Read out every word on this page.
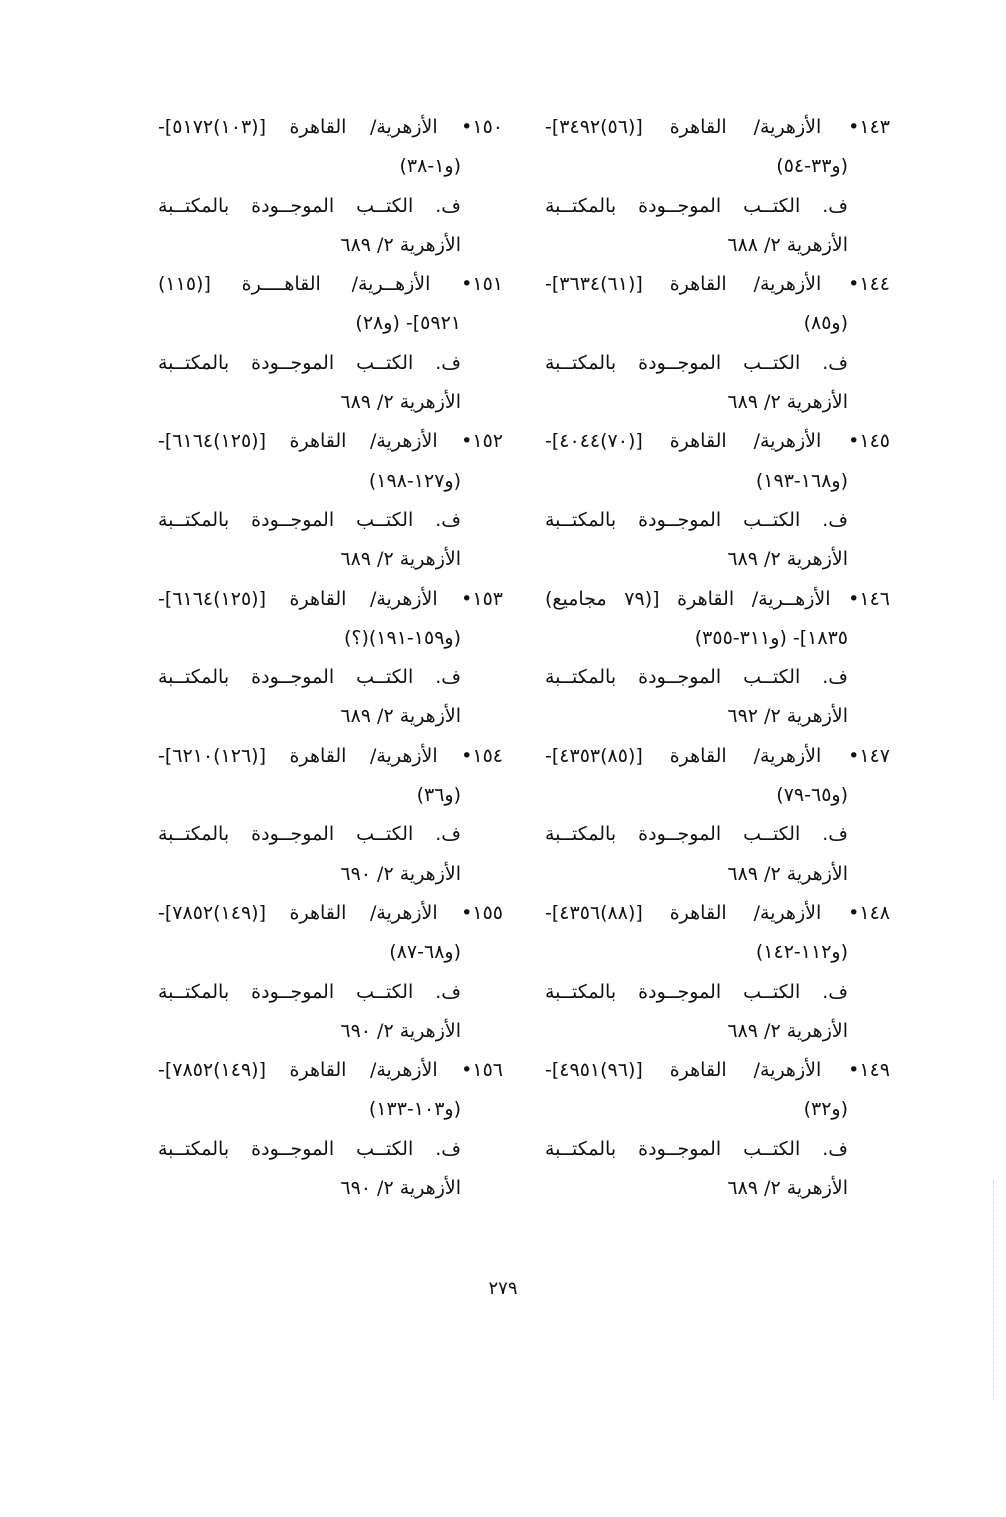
١٤٣• الأزهرية/ القاهرة [(٥٦)٣٤٩٢]-
(و٣٣-٥٤)
ف. الكتــب الموجــودة بالمكتــبة
الأزهرية ٢/ ٦٨٨
١٤٤• الأزهرية/ القاهرة [(٦١)٣٦٣٤]-
(و٨٥)
ف. الكتــب الموجــودة بالمكتــبة
الأزهرية ٢/ ٦٨٩
١٤٥• الأزهرية/ القاهرة [(٧٠)٤٠٤٤]-
(و١٦٨-١٩٣)
ف. الكتــب الموجــودة بالمكتــبة
الأزهرية ٢/ ٦٨٩
١٤٦• الأزهــرية/ القاهرة [(٧٩ مجاميع)
١٨٣٥]- (و٣١١-٣٥٥)
ف. الكتــب الموجــودة بالمكتــبة
الأزهرية ٢/ ٦٩٢
١٤٧• الأزهرية/ القاهرة [(٨٥)٤٣٥٣]-
(و٦٥-٧٩)
ف. الكتــب الموجــودة بالمكتــبة
الأزهرية ٢/ ٦٨٩
١٤٨• الأزهرية/ القاهرة [(٨٨)٤٣٥٦]-
(و١١٢-١٤٢)
ف. الكتــب الموجــودة بالمكتــبة
الأزهرية ٢/ ٦٨٩
١٤٩• الأزهرية/ القاهرة [(٩٦)٤٩٥١]-
(و٣٢)
ف. الكتــب الموجــودة بالمكتــبة
الأزهرية ٢/ ٦٨٩
١٥٠• الأزهرية/ القاهرة [(١٠٣)٥١٧٢]-
(و١-٣٨)
ف. الكتــب الموجــودة بالمكتــبة
الأزهرية ٢/ ٦٨٩
١٥١• الأزهــرية/ القاهــــرة [(١١٥)
٥٩٢١]- (و٢٨)
ف. الكتــب الموجــودة بالمكتــبة
الأزهرية ٢/ ٦٨٩
١٥٢• الأزهرية/ القاهرة [(١٢٥)٦١٦٤]-
(و١٢٧-١٩٨)
ف. الكتــب الموجــودة بالمكتــبة
الأزهرية ٢/ ٦٨٩
١٥٣• الأزهرية/ القاهرة [(١٢٥)٦١٦٤]-
(و١٥٩-١٩١)(؟)
ف. الكتــب الموجــودة بالمكتــبة
الأزهرية ٢/ ٦٨٩
١٥٤• الأزهرية/ القاهرة [(١٢٦)٦٢١٠]-
(و٣٦)
ف. الكتــب الموجــودة بالمكتــبة
الأزهرية ٢/ ٦٩٠
١٥٥• الأزهرية/ القاهرة [(١٤٩)٧٨٥٢]-
(و٦٨-٨٧)
ف. الكتــب الموجــودة بالمكتــبة
الأزهرية ٢/ ٦٩٠
١٥٦• الأزهرية/ القاهرة [(١٤٩)٧٨٥٢]-
(و١٠٣-١٣٣)
ف. الكتــب الموجــودة بالمكتــبة
الأزهرية ٢/ ٦٩٠
٢٧٩
